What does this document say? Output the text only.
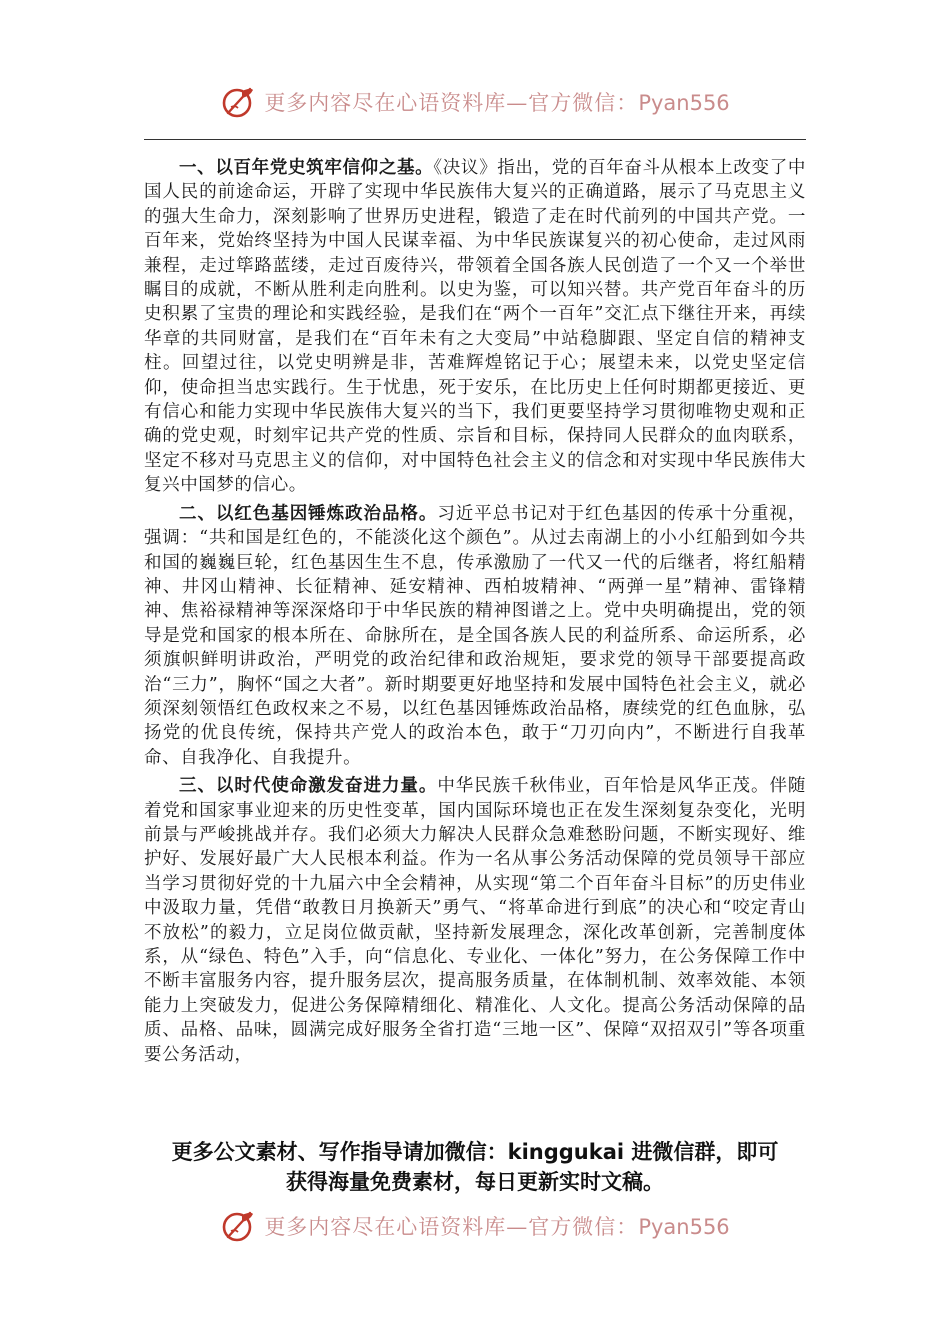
更多内容尽在心语资料库—官方微信：Pyan556

一、以百年党史筑牢信仰之基。《决议》指出，党的百年奋斗从根本上改变了中国人民的前途命运，开辟了实现中华民族伟大复兴的正确道路，展示了马克思主义的强大生命力，深刻影响了世界历史进程，锻造了走在时代前列的中国共产党。一百年来，党始终坚持为中国人民谋幸福、为中华民族谋复兴的初心使命，走过风雨兼程，走过筚路蓝缕，走过百废待兴，带领着全国各族人民创造了一个又一个举世瞩目的成就，不断从胜利走向胜利。以史为鉴，可以知兴替。共产党百年奋斗的历史积累了宝贵的理论和实践经验，是我们在“两个一百年”交汇点下继往开来，再续华章的共同财富，是我们在“百年未有之大变局”中站稳脚跟、坚定自信的精神支柱。回望过往，以党史明辨是非，苦难辉煌铭记于心；展望未来，以党史坚定信仰，使命担当忠实践行。生于忧患，死于安乐，在比历史上任何时期都更接近、更有信心和能力实现中华民族伟大复兴的当下，我们更要坚持学习贯彻唯物史观和正确的党史观，时刻牢记共产党的性质、宗旨和目标，保持同人民群众的血肉联系，坚定不移对马克思主义的信仰，对中国特色社会主义的信念和对实现中华民族伟大复兴中国梦的信心。

二、以红色基因锤炼政治品格。习近平总书记对于红色基因的传承十分重视，强调：“共和国是红色的，不能淡化这个颜色”。从过去南湖上的小小红船到如今共和国的巍巍巨轮，红色基因生生不息，传承激励了一代又一代的后继者，将红船精神、井冈山精神、长征精神、延安精神、西柏坡精神、“两弹一星”精神、雷锋精神、焦裕禄精神等深深烙印于中华民族的精神图谱之上。党中央明确提出，党的领导是党和国家的根本所在、命脉所在，是全国各族人民的利益所系、命运所系，必须旗帜鲜明讲政治，严明党的政治纪律和政治规矩，要求党的领导干部要提高政治“三力”，胸怀“国之大者”。新时期要更好地坚持和发展中国特色社会主义，就必须深刻领悟红色政权来之不易，以红色基因锤炼政治品格，赓续党的红色血脉，弘扬党的优良传统，保持共产党人的政治本色，敢于“刀刃向内”，不断进行自我革命、自我净化、自我提升。

三、以时代使命激发奋进力量。中华民族千秋伟业，百年恰是风华正茂。伴随着党和国家事业迎来的历史性变革，国内国际环境也正在发生深刻复杂变化，光明前景与严峻挑战并存。我们必须大力解决人民群众急难愁盼问题，不断实现好、维护好、发展好最广大人民根本利益。作为一名从事公务活动保障的党员领导干部应当学习贯彻好党的十九届六中全会精神，从实现“第二个百年奋斗目标”的历史伟业中汲取力量，凭借“敢教日月换新天”勇气、“将革命进行到底”的决心和“咬定青山不放松”的毅力，立足岗位做贡献，坚持新发展理念，深化改革创新，完善制度体系，从“绿色、特色”入手，向“信息化、专业化、一体化”努力，在公务保障工作中不断丰富服务内容，提升服务层次，提高服务质量，在体制机制、效率效能、本领能力上突破发力，促进公务保障精细化、精准化、人文化。提高公务活动保障的品质、品格、品味，圆满完成好服务全省打造“三地一区”、保障“双招双引”等各项重要公务活动，

更多公文素材、写作指导请加微信：kinggukai 进微信群，即可
获得海量免费素材，每日更新实时文稿。
更多内容尽在心语资料库—官方微信：Pyan556
